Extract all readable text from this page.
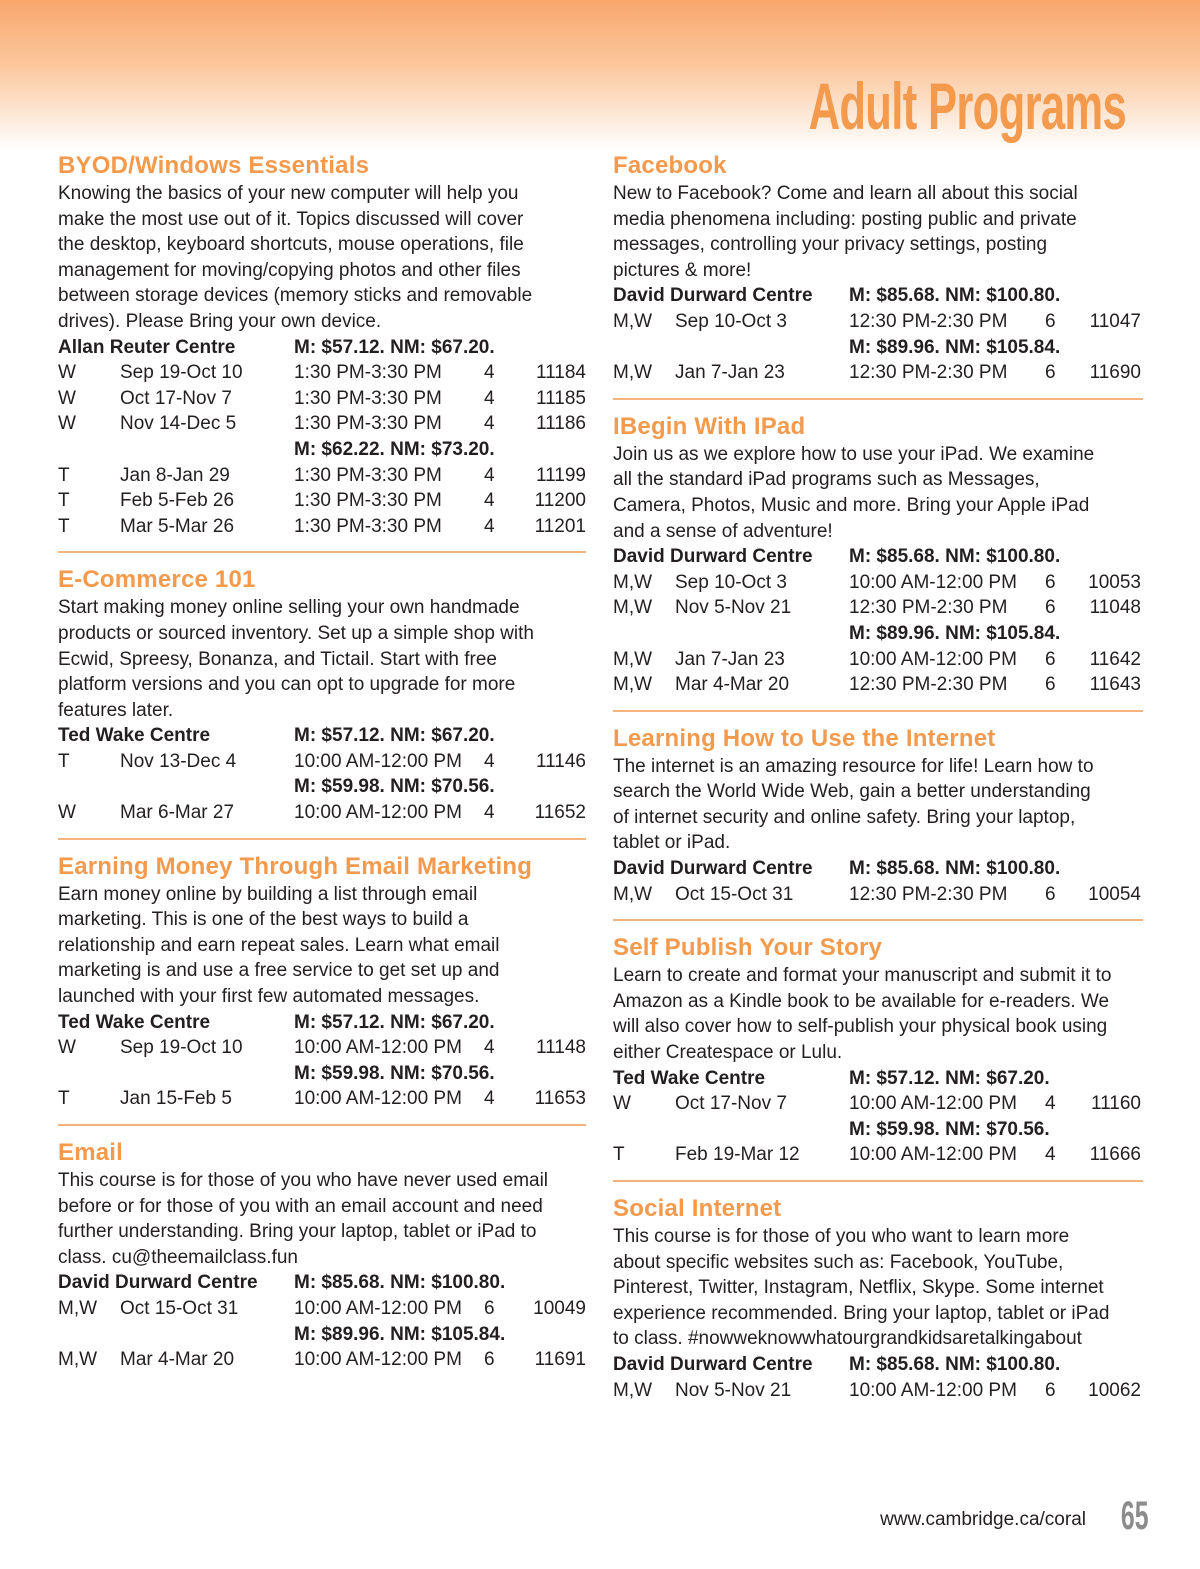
Adult Programs
BYOD/Windows Essentials
Knowing the basics of your new computer will help you
make the most use out of it. Topics discussed will cover
the desktop, keyboard shortcuts, mouse operations, file
management for moving/copying photos and other files
between storage devices (memory sticks and removable
drives). Please Bring your own device.
Allan Reuter Centre	M: $57.12. NM: $67.20.
W	Sep 19-Oct 10	1:30 PM-3:30 PM	4	11184
W	Oct 17-Nov 7	1:30 PM-3:30 PM	4	11185
W	Nov 14-Dec 5	1:30 PM-3:30 PM	4	11186
M: $62.22. NM: $73.20.
T	Jan 8-Jan 29	1:30 PM-3:30 PM	4	11199
T	Feb 5-Feb 26	1:30 PM-3:30 PM	4	11200
T	Mar 5-Mar 26	1:30 PM-3:30 PM	4	11201
E-Commerce 101
Start making money online selling your own handmade
products or sourced inventory. Set up a simple shop with
Ecwid, Spreesy, Bonanza, and Tictail. Start with free
platform versions and you can opt to upgrade for more
features later.
Ted Wake Centre	M: $57.12. NM: $67.20.
T	Nov 13-Dec 4	10:00 AM-12:00 PM	4	11146
M: $59.98. NM: $70.56.
W	Mar 6-Mar 27	10:00 AM-12:00 PM	4	11652
Earning Money Through Email Marketing
Earn money online by building a list through email
marketing. This is one of the best ways to build a
relationship and earn repeat sales. Learn what email
marketing is and use a free service to get set up and
launched with your first few automated messages.
Ted Wake Centre	M: $57.12. NM: $67.20.
W	Sep 19-Oct 10	10:00 AM-12:00 PM	4	11148
M: $59.98. NM: $70.56.
T	Jan 15-Feb 5	10:00 AM-12:00 PM	4	11653
Email
This course is for those of you who have never used email
before or for those of you with an email account and need
further understanding. Bring your laptop, tablet or iPad to
class. cu@theemailclass.fun
David Durward Centre	M: $85.68. NM: $100.80.
M,W	Oct 15-Oct 31	10:00 AM-12:00 PM	6	10049
M: $89.96. NM: $105.84.
M,W	Mar 4-Mar 20	10:00 AM-12:00 PM	6	11691
Facebook
New to Facebook? Come and learn all about this social
media phenomena including: posting public and private
messages, controlling your privacy settings, posting
pictures & more!
David Durward Centre	M: $85.68. NM: $100.80.
M,W	Sep 10-Oct 3	12:30 PM-2:30 PM	6	11047
M: $89.96. NM: $105.84.
M,W	Jan 7-Jan 23	12:30 PM-2:30 PM	6	11690
IBegin With IPad
Join us as we explore how to use your iPad. We examine
all the standard iPad programs such as Messages,
Camera, Photos, Music and more. Bring your Apple iPad
and a sense of adventure!
David Durward Centre	M: $85.68. NM: $100.80.
M,W	Sep 10-Oct 3	10:00 AM-12:00 PM	6	10053
M,W	Nov 5-Nov 21	12:30 PM-2:30 PM	6	11048
M: $89.96. NM: $105.84.
M,W	Jan 7-Jan 23	10:00 AM-12:00 PM	6	11642
M,W	Mar 4-Mar 20	12:30 PM-2:30 PM	6	11643
Learning How to Use the Internet
The internet is an amazing resource for life! Learn how to
search the World Wide Web, gain a better understanding
of internet security and online safety. Bring your laptop,
tablet or iPad.
David Durward Centre	M: $85.68. NM: $100.80.
M,W	Oct 15-Oct 31	12:30 PM-2:30 PM	6	10054
Self Publish Your Story
Learn to create and format your manuscript and submit it to
Amazon as a Kindle book to be available for e-readers. We
will also cover how to self-publish your physical book using
either Createspace or Lulu.
Ted Wake Centre	M: $57.12. NM: $67.20.
W	Oct 17-Nov 7	10:00 AM-12:00 PM	4	11160
M: $59.98. NM: $70.56.
T	Feb 19-Mar 12	10:00 AM-12:00 PM	4	11666
Social Internet
This course is for those of you who want to learn more
about specific websites such as: Facebook, YouTube,
Pinterest, Twitter, Instagram, Netflix, Skype. Some internet
experience recommended. Bring your laptop, tablet or iPad
to class. #nowweknowwhatourgrandkidsaretalkingabout
David Durward Centre	M: $85.68. NM: $100.80.
M,W	Nov 5-Nov 21	10:00 AM-12:00 PM	6	10062
www.cambridge.ca/coral 65
